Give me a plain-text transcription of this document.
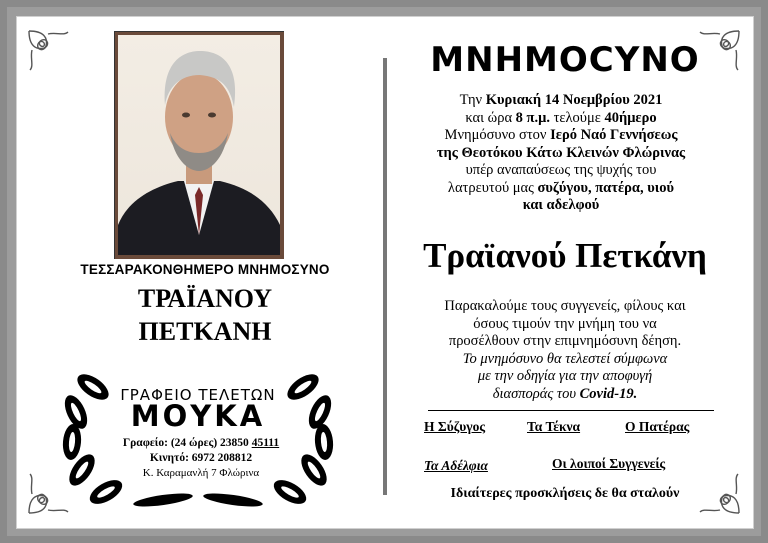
ΤΕΣΣΑΡΑΚΟΝΘΗΜΕΡΟ ΜΝΗΜΟΣΥΝΟ
ΤΡΑΪΑΝΟΥ
ΠΕΤΚΑΝΗ
ΓΡΑΦΕΙΟ ΤΕΛΕΤΩΝ
ΜΟΥΚΑ
Γραφείο: (24 ώρες) 23850 45111
Κινητό: 6972 208812
Κ. Καραμανλή 7 Φλώρινα
ΜΝΗΜΟCΥΝΟ
Την Κυριακή 14 Νοεμβρίου 2021
και ώρα 8 π.μ. τελούμε 40ήμερο
Μνημόσυνο στον Ιερό Ναό Γεννήσεως
της Θεοτόκου Κάτω Κλεινών Φλώρινας
υπέρ αναπαύσεως της ψυχής του
λατρευτού μας συζύγου, πατέρα, υιού
και αδελφού
Τραϊανού Πετκάνη
Παρακαλούμε τους συγγενείς, φίλους και
όσους τιμούν την μνήμη του να
προσέλθουν στην επιμνημόσυνη δέηση.
Το μνημόσυνο θα τελεστεί σύμφωνα
με την οδηγία για την αποφυγή
διασποράς του Covid-19.
Η Σύζυγος	Τα Τέκνα	Ο Πατέρας
Τα Αδέλφια	Οι λοιποί Συγγενείς
Ιδιαίτερες προσκλήσεις δε θα σταλούν
